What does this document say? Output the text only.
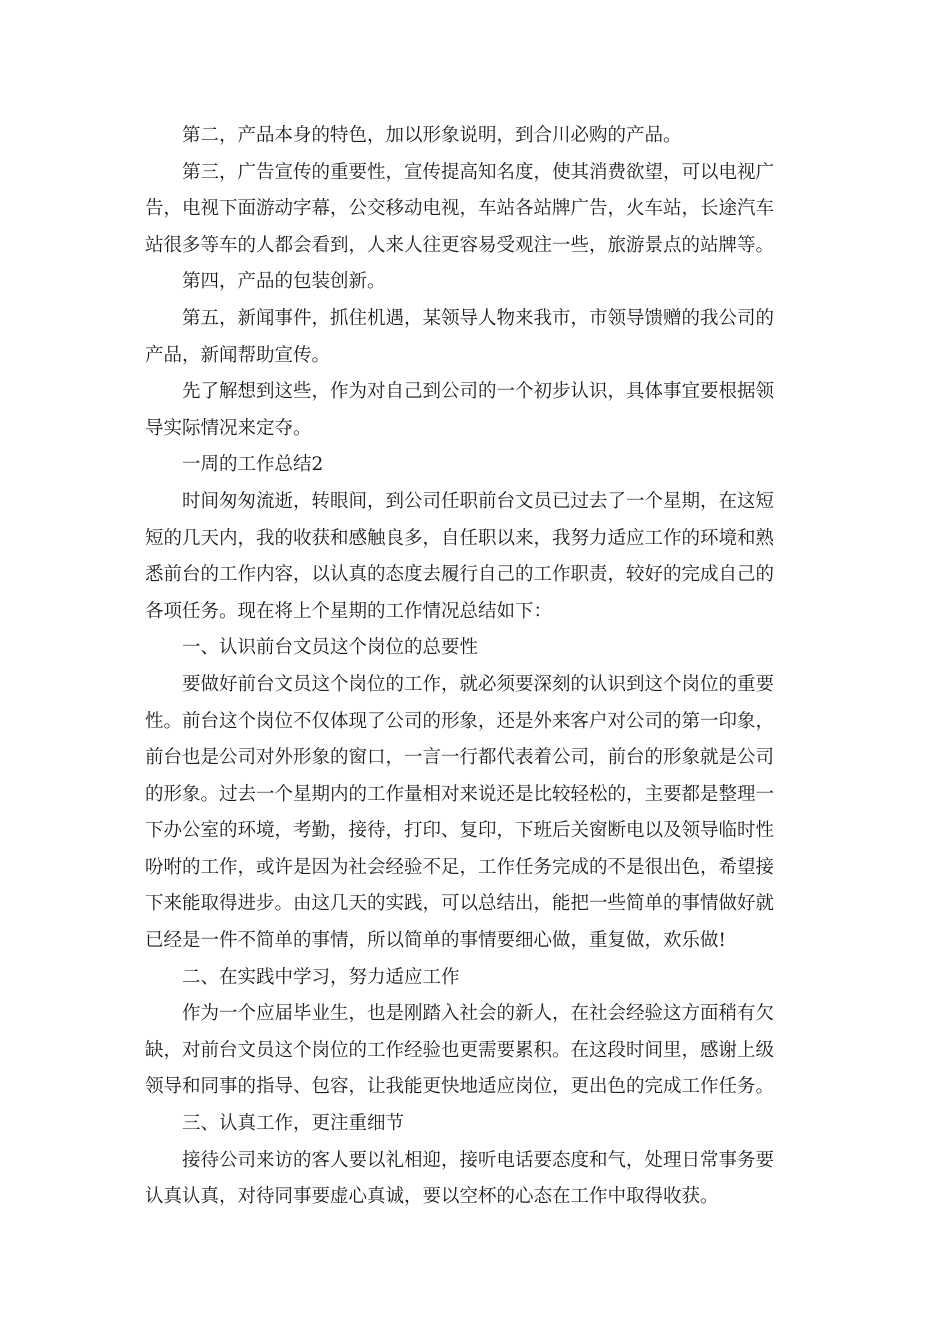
第二，产品本身的特色，加以形象说明，到合川必购的产品。
第三，广告宣传的重要性，宣传提高知名度，使其消费欲望，可以电视广
告，电视下面游动字幕，公交移动电视，车站各站牌广告，火车站，长途汽车
站很多等车的人都会看到，人来人往更容易受观注一些，旅游景点的站牌等。
第四，产品的包装创新。
第五，新闻事件，抓住机遇，某领导人物来我市，市领导馈赠的我公司的
产品，新闻帮助宣传。
先了解想到这些，作为对自己到公司的一个初步认识，具体事宜要根据领
导实际情况来定夺。
一周的工作总结2
时间匆匆流逝，转眼间，到公司任职前台文员已过去了一个星期，在这短
短的几天内，我的收获和感触良多，自任职以来，我努力适应工作的环境和熟
悉前台的工作内容，以认真的态度去履行自己的工作职责，较好的完成自己的
各项任务。现在将上个星期的工作情况总结如下：
一、认识前台文员这个岗位的总要性
要做好前台文员这个岗位的工作，就必须要深刻的认识到这个岗位的重要
性。前台这个岗位不仅体现了公司的形象，还是外来客户对公司的第一印象，
前台也是公司对外形象的窗口，一言一行都代表着公司，前台的形象就是公司
的形象。过去一个星期内的工作量相对来说还是比较轻松的，主要都是整理一
下办公室的环境，考勤，接待，打印、复印，下班后关窗断电以及领导临时性
吩咐的工作，或许是因为社会经验不足，工作任务完成的不是很出色，希望接
下来能取得进步。由这几天的实践，可以总结出，能把一些简单的事情做好就
已经是一件不简单的事情，所以简单的事情要细心做，重复做，欢乐做!
二、在实践中学习，努力适应工作
作为一个应届毕业生，也是刚踏入社会的新人，在社会经验这方面稍有欠
缺，对前台文员这个岗位的工作经验也更需要累积。在这段时间里，感谢上级
领导和同事的指导、包容，让我能更快地适应岗位，更出色的完成工作任务。
三、认真工作，更注重细节
接待公司来访的客人要以礼相迎，接听电话要态度和气，处理日常事务要
认真认真，对待同事要虚心真诚，要以空杯的心态在工作中取得收获。
